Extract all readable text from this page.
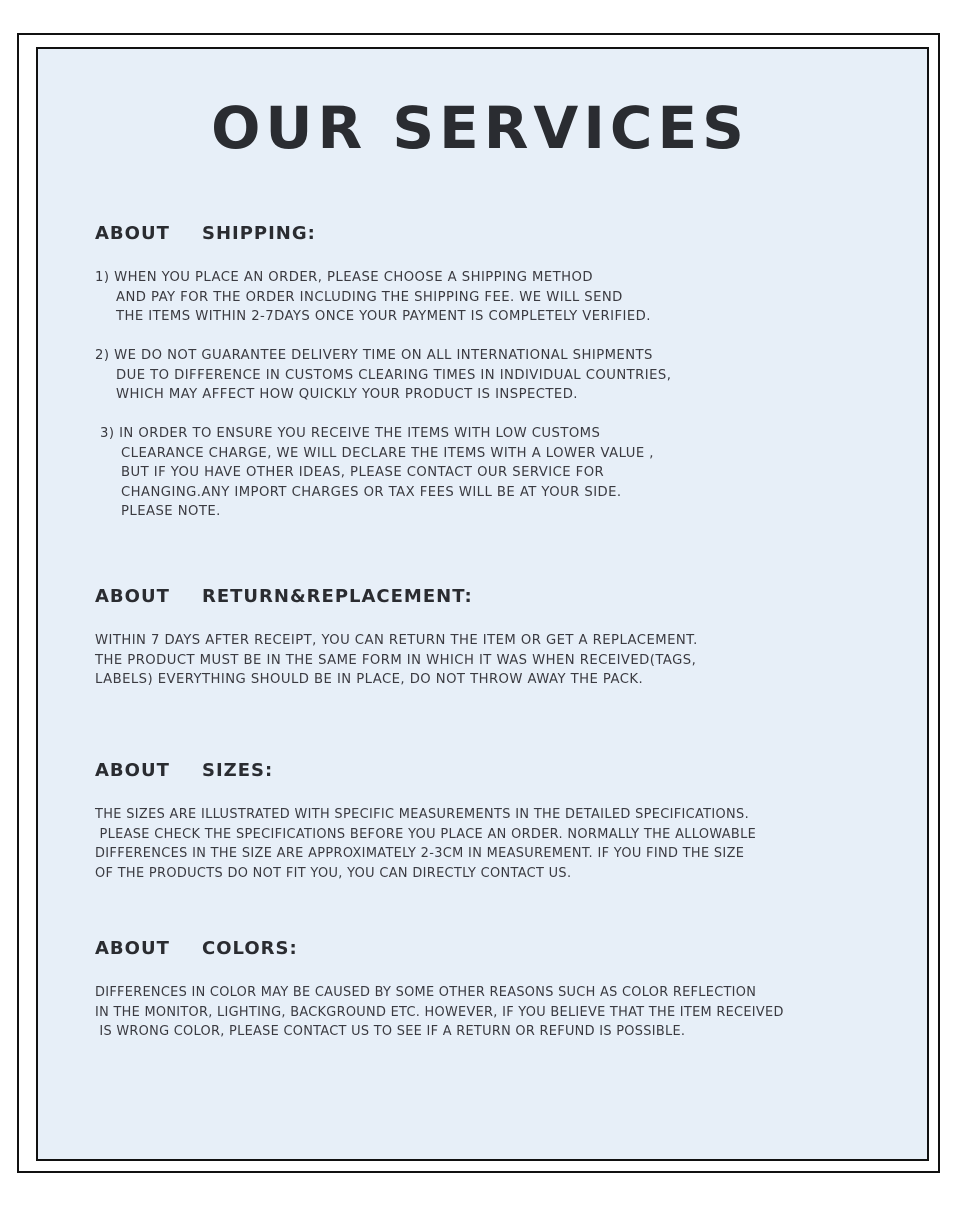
OUR SERVICES
ABOUT SHIPPING:
1) WHEN YOU PLACE AN ORDER, PLEASE CHOOSE A SHIPPING METHOD
AND PAY FOR THE ORDER INCLUDING THE SHIPPING FEE. WE WILL SEND
THE ITEMS WITHIN 2-7DAYS ONCE YOUR PAYMENT IS COMPLETELY VERIFIED.
2) WE DO NOT GUARANTEE DELIVERY TIME ON ALL INTERNATIONAL SHIPMENTS
DUE TO DIFFERENCE IN CUSTOMS CLEARING TIMES IN INDIVIDUAL COUNTRIES,
WHICH MAY AFFECT HOW QUICKLY YOUR PRODUCT IS INSPECTED.
3) IN ORDER TO ENSURE YOU RECEIVE THE ITEMS WITH LOW CUSTOMS
CLEARANCE CHARGE, WE WILL DECLARE THE ITEMS WITH A LOWER VALUE ,
BUT IF YOU HAVE OTHER IDEAS, PLEASE CONTACT OUR SERVICE FOR
CHANGING.ANY IMPORT CHARGES OR TAX FEES WILL BE AT YOUR SIDE.
PLEASE NOTE.
ABOUT RETURN&REPLACEMENT:
WITHIN 7 DAYS AFTER RECEIPT, YOU CAN RETURN THE ITEM OR GET A REPLACEMENT.
THE PRODUCT MUST BE IN THE SAME FORM IN WHICH IT WAS WHEN RECEIVED(TAGS,
LABELS) EVERYTHING SHOULD BE IN PLACE, DO NOT THROW AWAY THE PACK.
ABOUT SIZES:
THE SIZES ARE ILLUSTRATED WITH SPECIFIC MEASUREMENTS IN THE DETAILED SPECIFICATIONS.
PLEASE CHECK THE SPECIFICATIONS BEFORE YOU PLACE AN ORDER. NORMALLY THE ALLOWABLE
DIFFERENCES IN THE SIZE ARE APPROXIMATELY 2-3CM IN MEASUREMENT. IF YOU FIND THE SIZE
OF THE PRODUCTS DO NOT FIT YOU, YOU CAN DIRECTLY CONTACT US.
ABOUT COLORS:
DIFFERENCES IN COLOR MAY BE CAUSED BY SOME OTHER REASONS SUCH AS COLOR REFLECTION
IN THE MONITOR, LIGHTING, BACKGROUND ETC. HOWEVER, IF YOU BELIEVE THAT THE ITEM RECEIVED
IS WRONG COLOR, PLEASE CONTACT US TO SEE IF A RETURN OR REFUND IS POSSIBLE.
